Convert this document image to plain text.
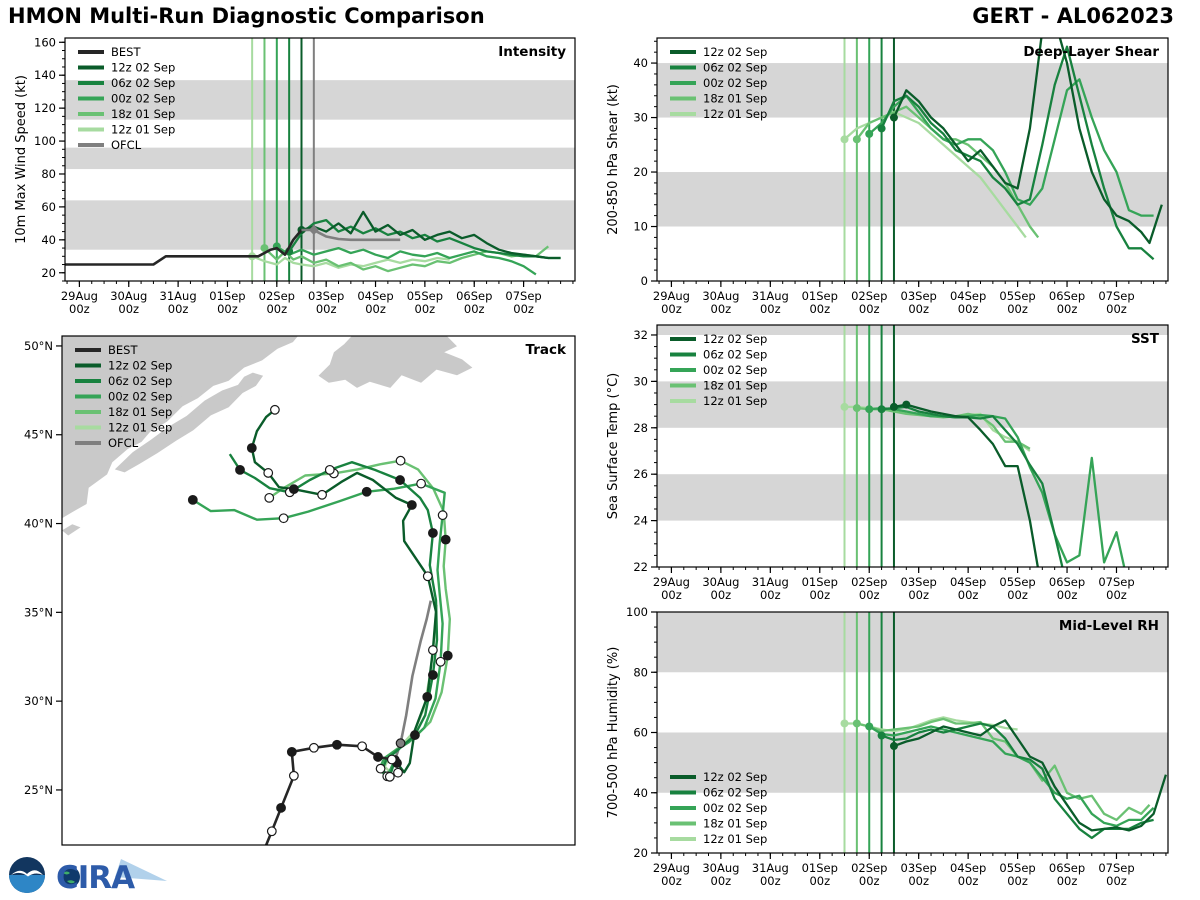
HMON Multi-Run Diagnostic Comparison	GERT - AL062023
29Aug
00z
30Aug
00z
31Aug
00z
01Sep
00z
02Sep
00z
03Sep
00z
04Sep
00z
05Sep
00z
06Sep
00z
07Sep
00z
20
40
60
80
100
120
140
160
10m Max Wind Speed (kt)
Intensity
BEST
12z 02 Sep
06z 02 Sep
00z 02 Sep
18z 01 Sep
12z 01 Sep
OFCL
29Aug
00z
30Aug
00z
31Aug
00z
01Sep
00z
02Sep
00z
03Sep
00z
04Sep
00z
05Sep
00z
06Sep
00z
07Sep
00z
0
10
20
30
40
200-850 hPa Shear (kt)
Deep-Layer Shear
12z 02 Sep
06z 02 Sep
00z 02 Sep
18z 01 Sep
12z 01 Sep
50°N
45°N
40°N
35°N
30°N
25°N
Track
BEST
12z 02 Sep
06z 02 Sep
00z 02 Sep
18z 01 Sep
12z 01 Sep
OFCL
29Aug
00z
30Aug
00z
31Aug
00z
01Sep
00z
02Sep
00z
03Sep
00z
04Sep
00z
05Sep
00z
06Sep
00z
07Sep
00z
22
24
26
28
30
32
Sea Surface Temp (°C)
SST
12z 02 Sep
06z 02 Sep
00z 02 Sep
18z 01 Sep
12z 01 Sep
29Aug
00z
30Aug
00z
31Aug
00z
01Sep
00z
02Sep
00z
03Sep
00z
04Sep
00z
05Sep
00z
06Sep
00z
07Sep
00z
20
40
60
80
100
700-500 hPa Humidity (%)
Mid-Level RH
12z 02 Sep
06z 02 Sep
00z 02 Sep
18z 01 Sep
12z 01 Sep
CIRA
